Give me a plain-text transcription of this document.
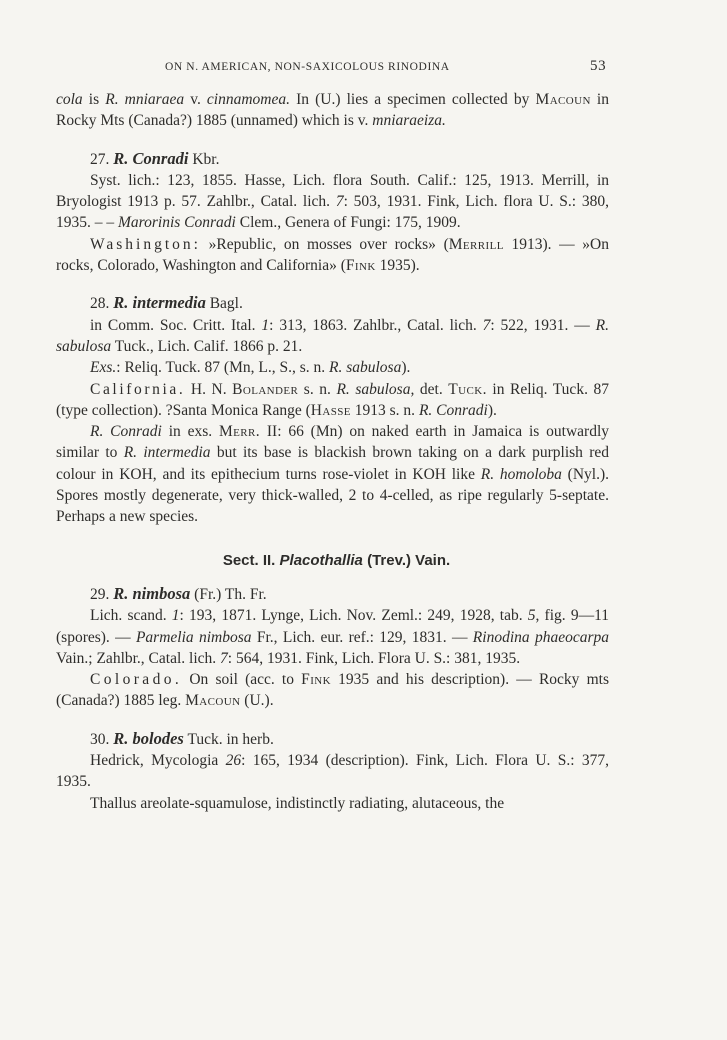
ON N. AMERICAN, NON-SAXICOLOUS RINODINA	53

cola is R. mniaraea v. cinnamomea. In (U.) lies a specimen collected by Macoun in Rocky Mts (Canada?) 1885 (unnamed) which is v. mniaraeiza.

27. R. Conradi Kbr.

Syst. lich.: 123, 1855. Hasse, Lich. flora South. Calif.: 125, 1913. Merrill, in Bryologist 1913 p. 57. Zahlbr., Catal. lich. 7: 503, 1931. Fink, Lich. flora U. S.: 380, 1935. – – Marorinis Conradi Clem., Genera of Fungi: 175, 1909.

Washington: »Republic, on mosses over rocks» (Merrill 1913). — »On rocks, Colorado, Washington and California» (Fink 1935).

28. R. intermedia Bagl.

in Comm. Soc. Critt. Ital. 1: 313, 1863. Zahlbr., Catal. lich. 7: 522, 1931. — R. sabulosa Tuck., Lich. Calif. 1866 p. 21.

Exs.: Reliq. Tuck. 87 (Mn, L., S., s. n. R. sabulosa).

California. H. N. Bolander s. n. R. sabulosa, det. Tuck. in Reliq. Tuck. 87 (type collection). ?Santa Monica Range (Hasse 1913 s. n. R. Conradi).

R. Conradi in exs. Merr. II: 66 (Mn) on naked earth in Jamaica is outwardly similar to R. intermedia but its base is blackish brown taking on a dark purplish red colour in KOH, and its epithecium turns rose-violet in KOH like R. homoloba (Nyl.). Spores mostly degenerate, very thick-walled, 2 to 4-celled, as ripe regularly 5-septate. Perhaps a new species.

Sect. II. Placothallia (Trev.) Vain.

29. R. nimbosa (Fr.) Th. Fr.

Lich. scand. 1: 193, 1871. Lynge, Lich. Nov. Zeml.: 249, 1928, tab. 5, fig. 9—11 (spores). — Parmelia nimbosa Fr., Lich. eur. ref.: 129, 1831. — Rinodina phaeocarpa Vain.; Zahlbr., Catal. lich. 7: 564, 1931. Fink, Lich. Flora U. S.: 381, 1935.

Colorado. On soil (acc. to Fink 1935 and his description). — Rocky mts (Canada?) 1885 leg. Macoun (U.).

30. R. bolodes Tuck. in herb.

Hedrick, Mycologia 26: 165, 1934 (description). Fink, Lich. Flora U. S.: 377, 1935.

Thallus areolate-squamulose, indistinctly radiating, alutaceous, the
